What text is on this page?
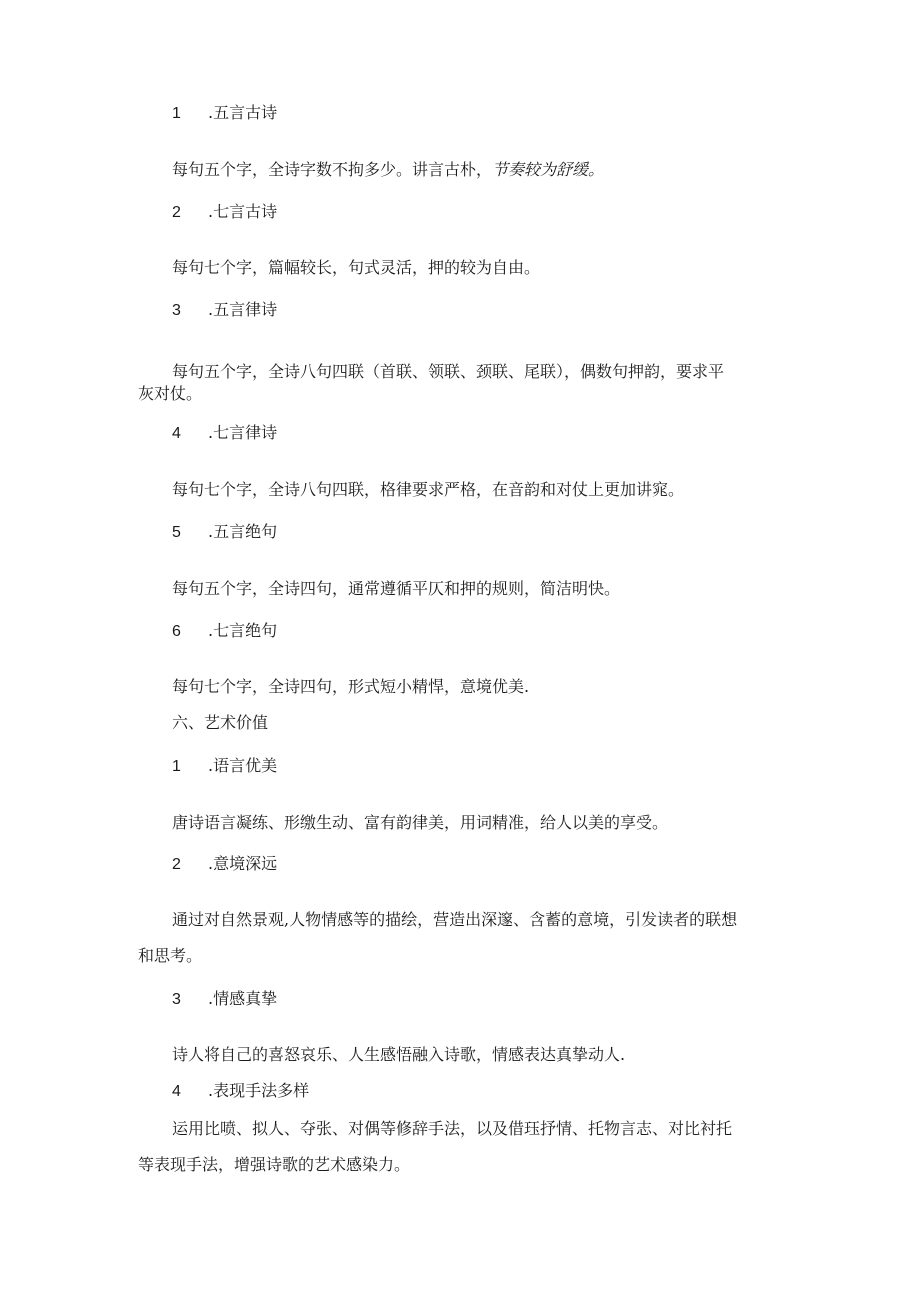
1 .五言古诗
每句五个字，全诗字数不拘多少。讲言古朴，节奏较为舒缓。
2 .七言古诗
每句七个字，篇幅较长，句式灵活，押的较为自由。
3 .五言律诗
每句五个字，全诗八句四联（首联、领联、颈联、尾联），偶数句押韵，要求平
灰对仗。
4 .七言律诗
每句七个字，全诗八句四联，格律要求严格，在音韵和对仗上更加讲窕。
5 .五言绝句
每句五个字，全诗四句，通常遵循平仄和押的规则，简洁明快。
6 .七言绝句
每句七个字，全诗四句，形式短小精悍，意境优美.
六、艺术价值
1 .语言优美
唐诗语言凝练、形缴生动、富有韵律美，用词精准，给人以美的享受。
2 .意境深远
通过对自然景观,人物情感等的描绘，营造出深邃、含蓄的意境，引发读者的联想
和思考。
3 .情感真挚
诗人将自己的喜怒哀乐、人生感悟融入诗歌，情感表达真挚动人.
4 .表现手法多样
运用比喷、拟人、夺张、对偶等修辞手法，以及借珏抒情、托物言志、对比衬托
等表现手法，增强诗歌的艺术感染力。
